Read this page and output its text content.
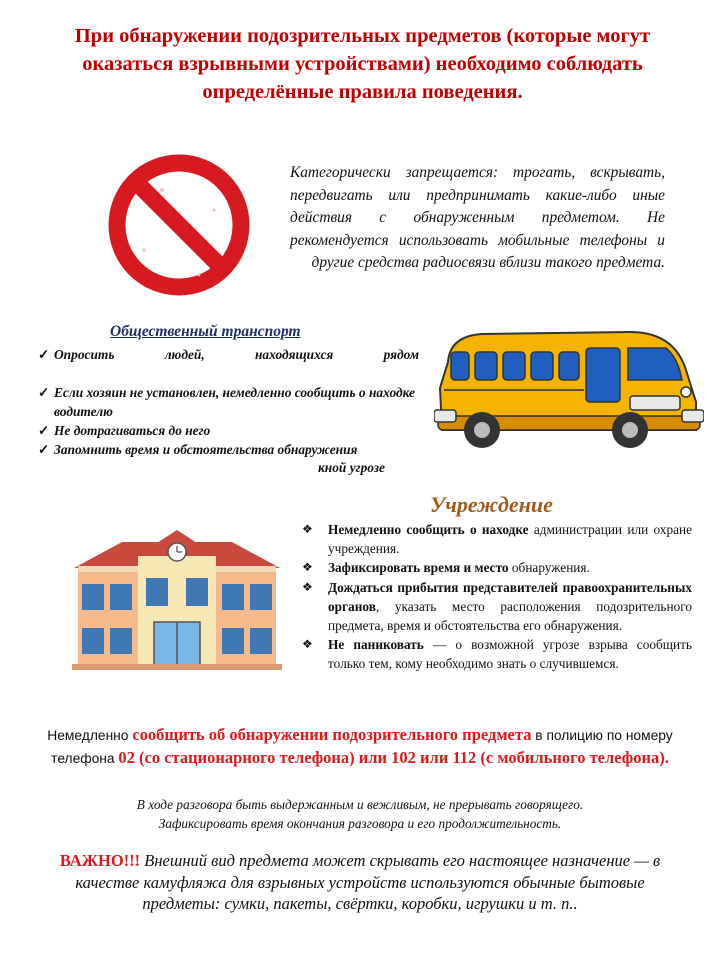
При обнаружении подозрительных предметов (которые могут оказаться взрывными устройствами) необходимо соблюдать определённые правила поведения.
Категорически запрещается: трогать, вскрывать, передвигать или предпринимать какие-либо иные действия с обнаруженным предметом. Не рекомендуется использовать мобильные телефоны и другие средства радиосвязи вблизи такого предмета.
Общественный транспорт
✓ Опросить	людей,	находящихся	рядом
✓ Если хозяин не установлен, немедленно сообщить о находке водителю
✓ Не дотрагиваться до него
✓ Запомнить время и обстоятельства обнаружения
кной угрозе
Учреждение
❖ Немедленно сообщить о находке администрации или охране учреждения.
❖ Зафиксировать время и место обнаружения.
❖ Дождаться прибытия представителей правоохранительных органов, указать место расположения подозрительного предмета, время и обстоятельства его обнаружения.
❖ Не паниковать — о возможной угрозе взрыва сообщить только тем, кому необходимо знать о случившемся.
Немедленно сообщить об обнаружении подозрительного предмета в полицию по номеру телефона 02 (со стационарного телефона) или 102 или 112 (с мобильного телефона).
В ходе разговора быть выдержанным и вежливым, не прерывать говорящего.
Зафиксировать время окончания разговора и его продолжительность.
ВАЖНО!!! Внешний вид предмета может скрывать его настоящее назначение — в качестве камуфляжа для взрывных устройств используются обычные бытовые предметы: сумки, пакеты, свёртки, коробки, игрушки и т. п..
